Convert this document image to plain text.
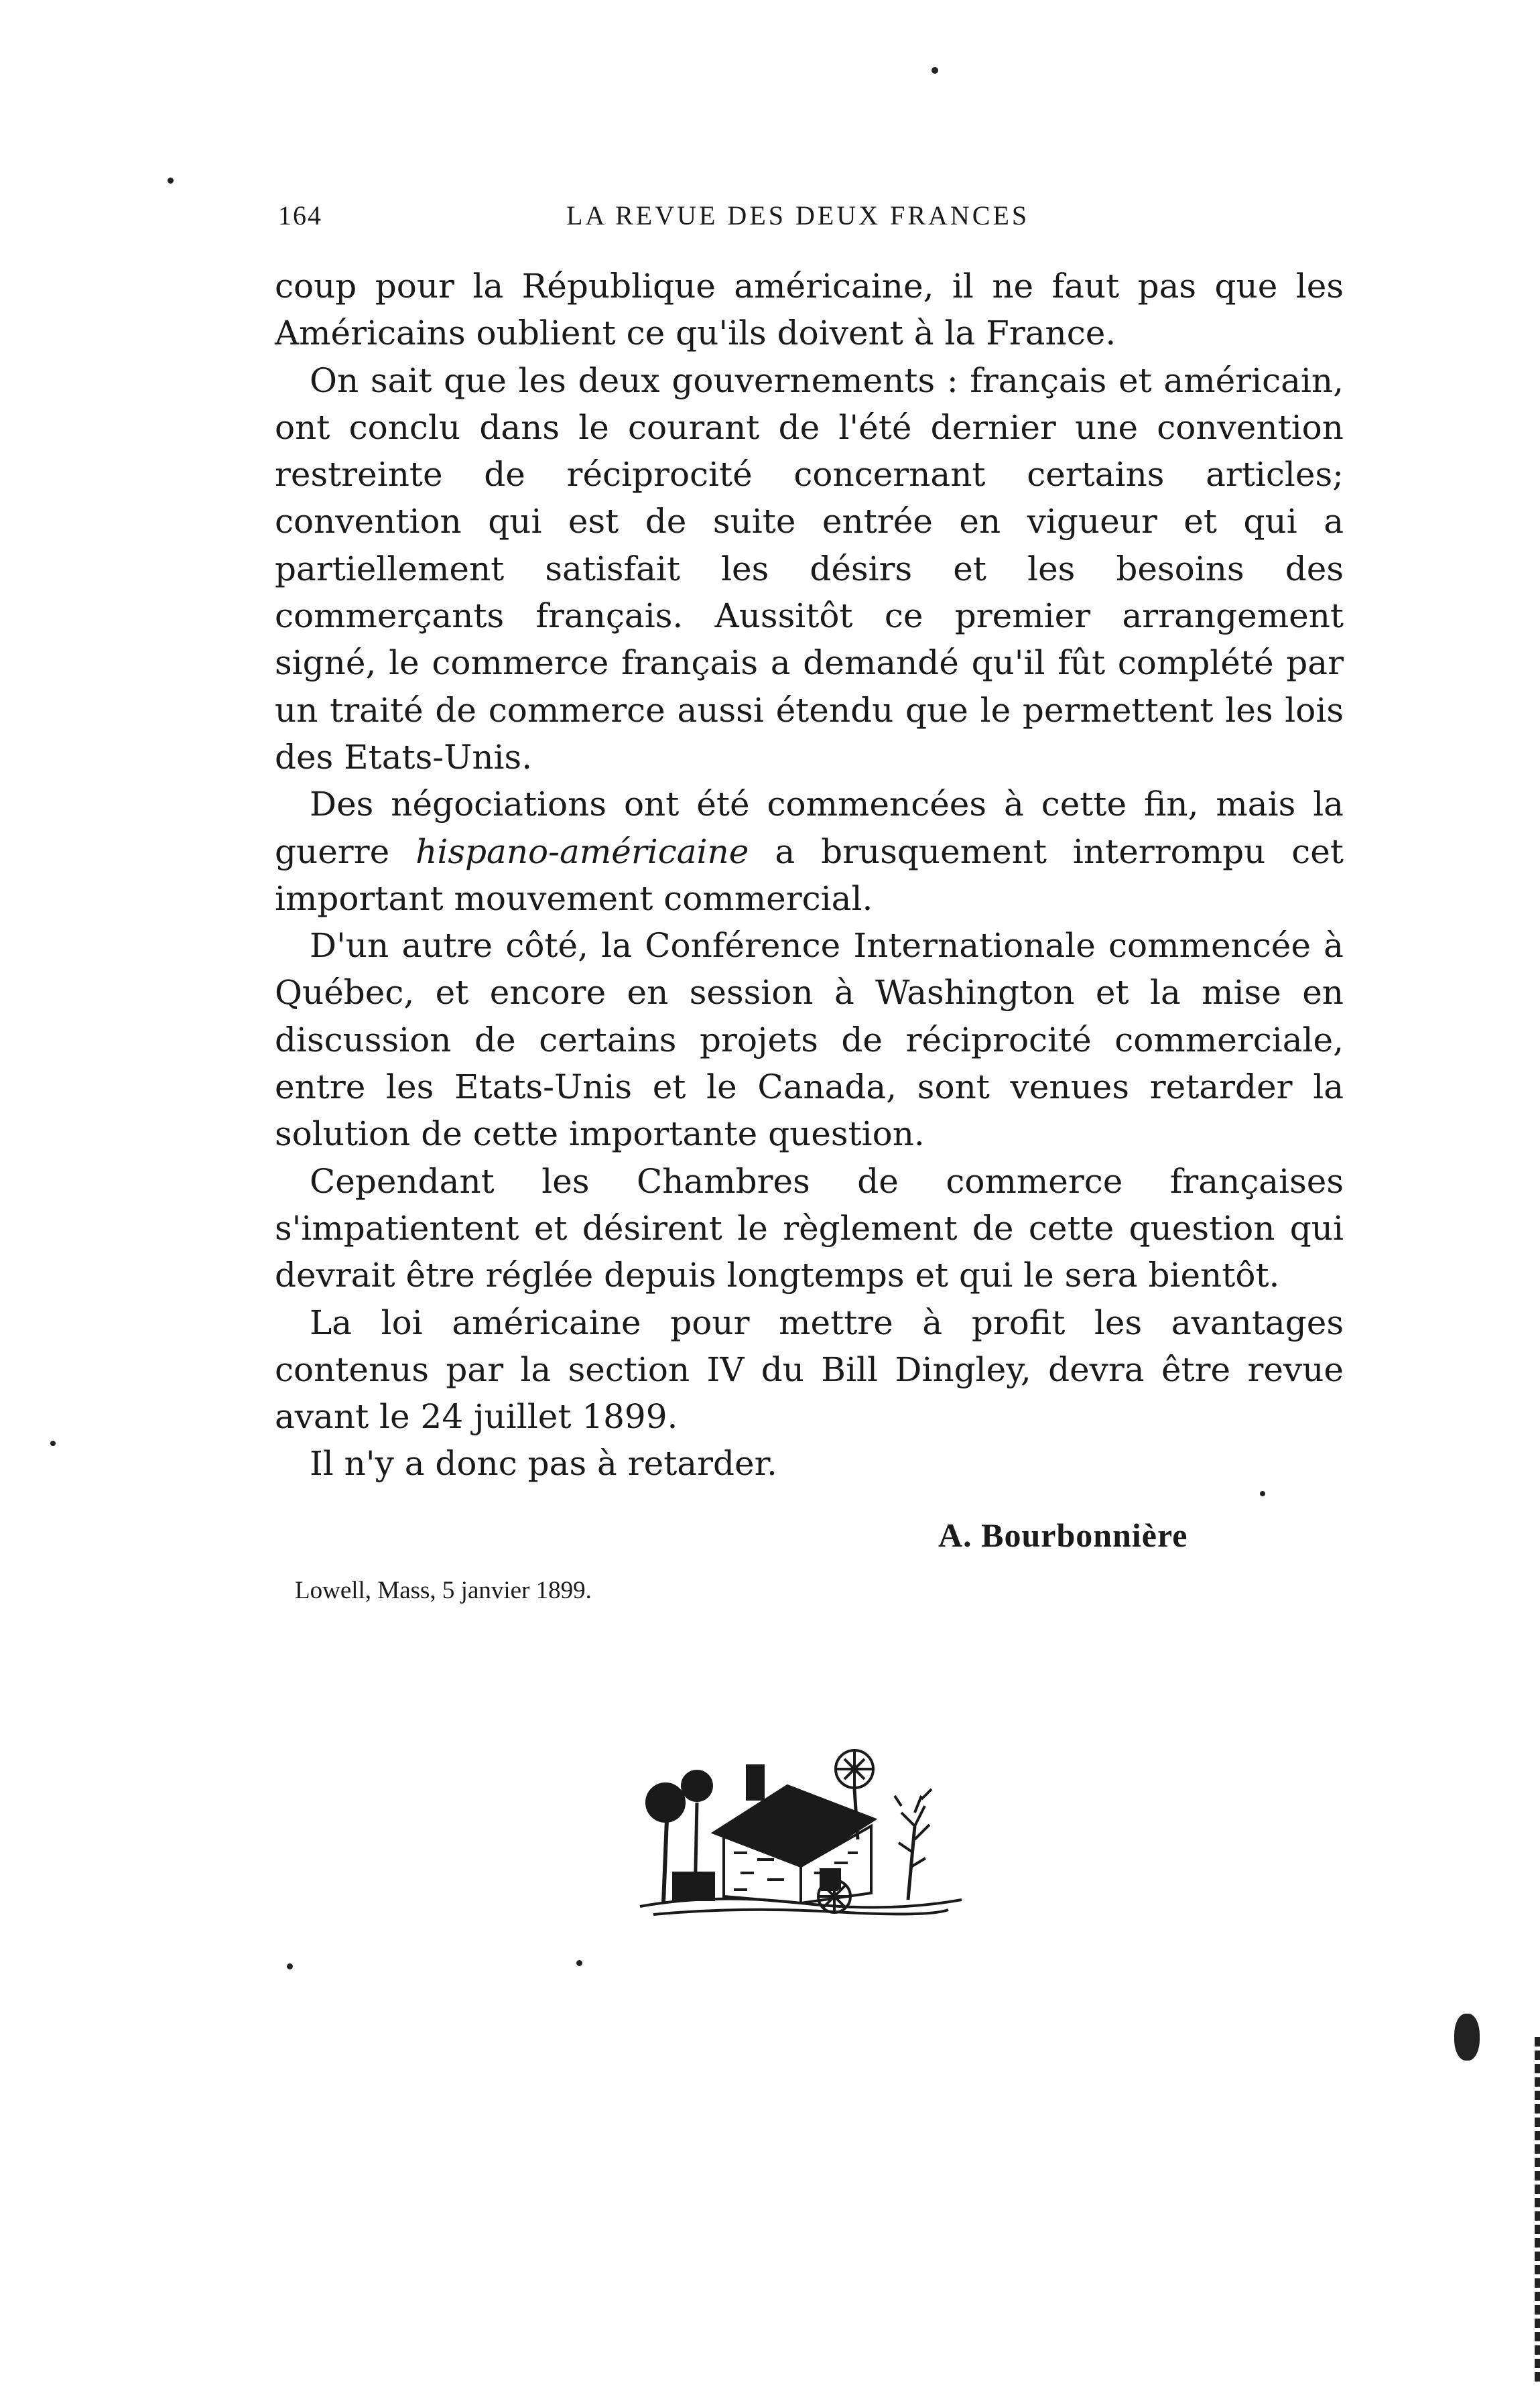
164	LA REVUE DES DEUX FRANCES

coup pour la République américaine, il ne faut pas que les Américains oublient ce qu'ils doivent à la France.

On sait que les deux gouvernements : français et américain, ont conclu dans le courant de l'été dernier une convention restreinte de réciprocité concernant certains articles; convention qui est de suite entrée en vigueur et qui a partiellement satisfait les désirs et les besoins des commerçants français. Aussitôt ce premier arrangement signé, le commerce français a demandé qu'il fût complété par un traité de commerce aussi étendu que le permettent les lois des Etats-Unis.

Des négociations ont été commencées à cette fin, mais la guerre hispano-américaine a brusquement interrompu cet important mouvement commercial.

D'un autre côté, la Conférence Internationale commencée à Québec, et encore en session à Washington et la mise en discussion de certains projets de réciprocité commerciale, entre les Etats-Unis et le Canada, sont venues retarder la solution de cette importante question.

Cependant les Chambres de commerce françaises s'impatientent et désirent le règlement de cette question qui devrait être réglée depuis longtemps et qui le sera bientôt.

La loi américaine pour mettre à profit les avantages contenus par la section IV du Bill Dingley, devra être revue avant le 24 juillet 1899.

Il n'y a donc pas à retarder.

A. Bourbonnière
Lowell, Mass, 5 janvier 1899.
